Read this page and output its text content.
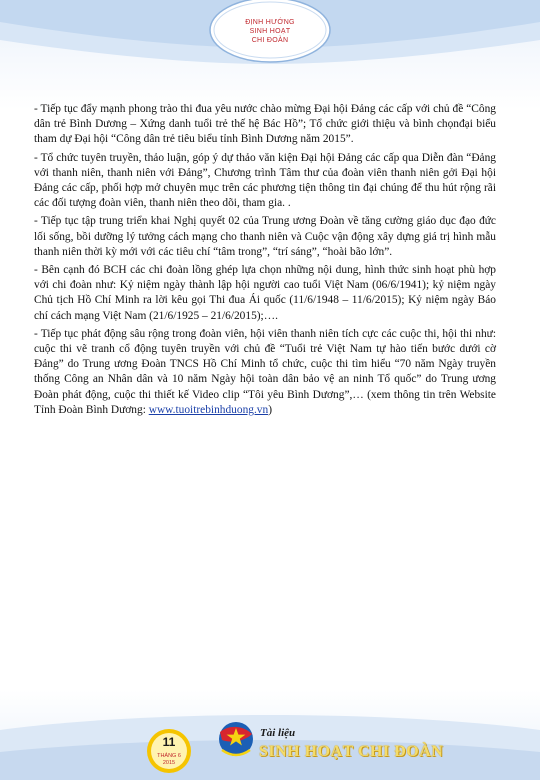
ĐỊNH HƯỚNG
SINH HOẠT
CHI ĐOÀN

- Tiếp tục đẩy mạnh phong trào thi đua yêu nước chào mừng Đại hội Đảng các cấp với chủ đề “Công dân trẻ Bình Dương – Xứng danh tuổi trẻ thế hệ Bác Hồ”; Tổ chức giới thiệu và bình chọnđại biểu tham dự Đại hội “Công dân trẻ tiêu biểu tỉnh Bình Dương năm 2015”.

- Tổ chức tuyên truyền, thảo luận, góp ý dự thảo văn kiện Đại hội Đảng các cấp qua Diễn đàn “Đảng với thanh niên, thanh niên với Đảng”, Chương trình Tâm thư của đoàn viên thanh niên gởi Đại hội Đảng các cấp, phối hợp mở chuyên mục trên các phương tiện thông tin đại chúng để thu hút rộng rãi các đối tượng đoàn viên, thanh niên theo dõi, tham gia. .

- Tiếp tục tập trung triển khai Nghị quyết 02 của Trung ương Đoàn về tăng cường giáo dục đạo đức lối sống, bồi dưỡng lý tưởng cách mạng cho thanh niên và Cuộc vận động xây dựng giá trị hình mẫu thanh niên thời kỳ mới với các tiêu chí “tâm trong”, “trí sáng”, “hoài bão lớn”.

- Bên cạnh đó BCH các chi đoàn lồng ghép lựa chọn những nội dung, hình thức sinh hoạt phù hợp với chi đoàn như: Kỷ niệm ngày thành lập hội người cao tuổi Việt Nam (06/6/1941); kỷ niệm ngày Chủ tịch Hồ Chí Minh ra lời kêu gọi Thi đua Ái quốc (11/6/1948 – 11/6/2015); Kỷ niệm ngày Báo chí cách mạng Việt Nam (21/6/1925 – 21/6/2015);….

- Tiếp tục phát động sâu rộng trong đoàn viên, hội viên thanh niên tích cực các cuộc thi, hội thi như: cuộc thi vẽ tranh cổ động tuyên truyền với chủ đề “Tuổi trẻ Việt Nam tự hào tiến bước dưới cờ Đảng” do Trung ương Đoàn TNCS Hồ Chí Minh tổ chức, cuộc thi tìm hiểu “70 năm Ngày truyền thống Công an Nhân dân và 10 năm Ngày hội toàn dân bảo vệ an ninh Tổ quốc” do Trung ương Đoàn phát động, cuộc thi thiết kế Video clip “Tôi yêu Bình Dương”,… (xem thông tin trên Website Tỉnh Đoàn Bình Dương: www.tuoitrebinhduong.vn)

11
THÁNG 6
2015
Tài liệu
SINH HOẠT CHI ĐOÀN
